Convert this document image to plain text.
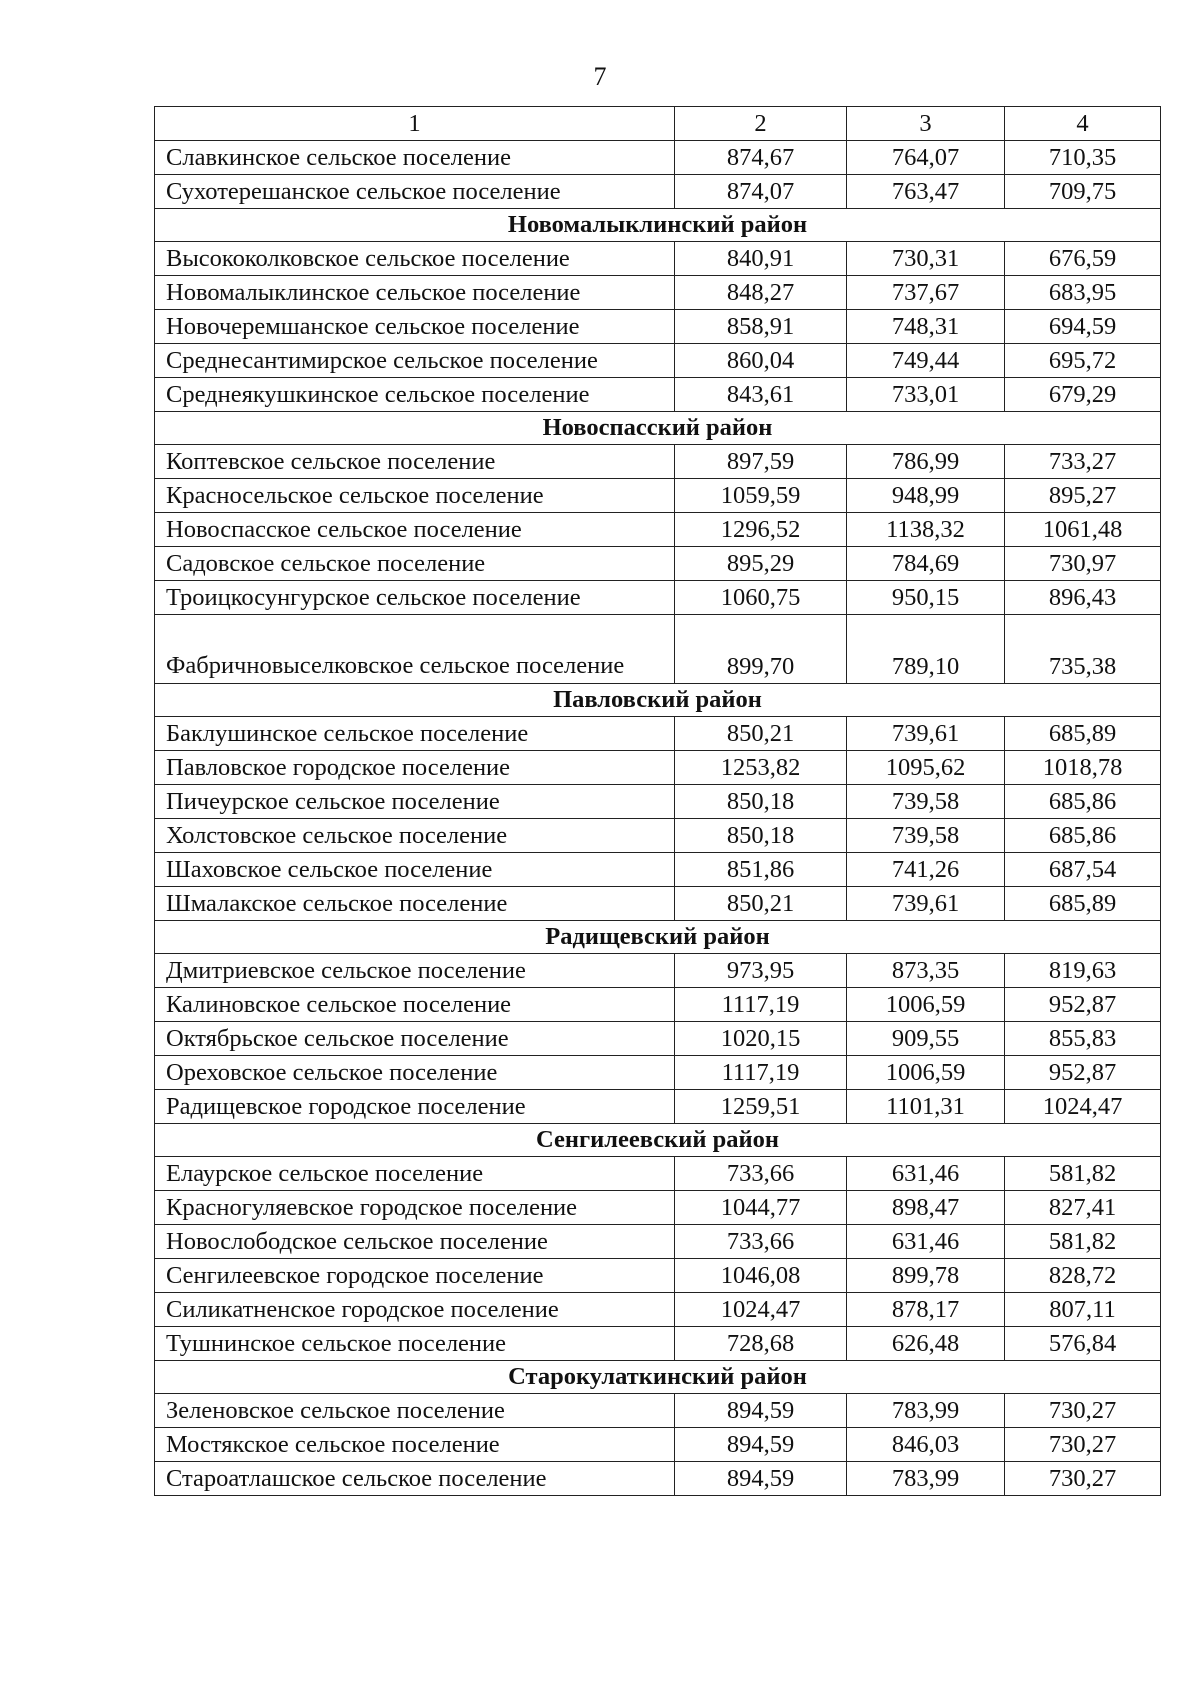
7
1	2	3	4
Славкинское сельское поселение	874,67	764,07	710,35
Сухотерешанское сельское поселение	874,07	763,47	709,75
Новомалыклинский район			
Высококолковское сельское поселение	840,91	730,31	676,59
Новомалыклинское сельское поселение	848,27	737,67	683,95
Новочеремшанское сельское поселение	858,91	748,31	694,59
Среднесантимирское сельское поселение	860,04	749,44	695,72
Среднеякушкинское сельское поселение	843,61	733,01	679,29
Новоспасский район			
Коптевское сельское поселение	897,59	786,99	733,27
Красносельское сельское поселение	1059,59	948,99	895,27
Новоспасское сельское поселение	1296,52	1138,32	1061,48
Садовское сельское поселение	895,29	784,69	730,97
Троицкосунгурское сельское поселение	1060,75	950,15	896,43
Фабричновыселковское сельское поселение	899,70	789,10	735,38
Павловский район			
Баклушинское сельское поселение	850,21	739,61	685,89
Павловское городское поселение	1253,82	1095,62	1018,78
Пичеурское сельское поселение	850,18	739,58	685,86
Холстовское сельское поселение	850,18	739,58	685,86
Шаховское сельское поселение	851,86	741,26	687,54
Шмалакское сельское поселение	850,21	739,61	685,89
Радищевский район			
Дмитриевское сельское поселение	973,95	873,35	819,63
Калиновское сельское поселение	1117,19	1006,59	952,87
Октябрьское сельское поселение	1020,15	909,55	855,83
Ореховское сельское поселение	1117,19	1006,59	952,87
Радищевское городское поселение	1259,51	1101,31	1024,47
Сенгилеевский район			
Елаурское сельское поселение	733,66	631,46	581,82
Красногуляевское городское поселение	1044,77	898,47	827,41
Новослободское сельское поселение	733,66	631,46	581,82
Сенгилеевское городское поселение	1046,08	899,78	828,72
Силикатненское городское поселение	1024,47	878,17	807,11
Тушнинское сельское поселение	728,68	626,48	576,84
Старокулаткинский район			
Зеленовское сельское поселение	894,59	783,99	730,27
Мостякское сельское поселение	894,59	846,03	730,27
Староатлашское сельское поселение	894,59	783,99	730,27
